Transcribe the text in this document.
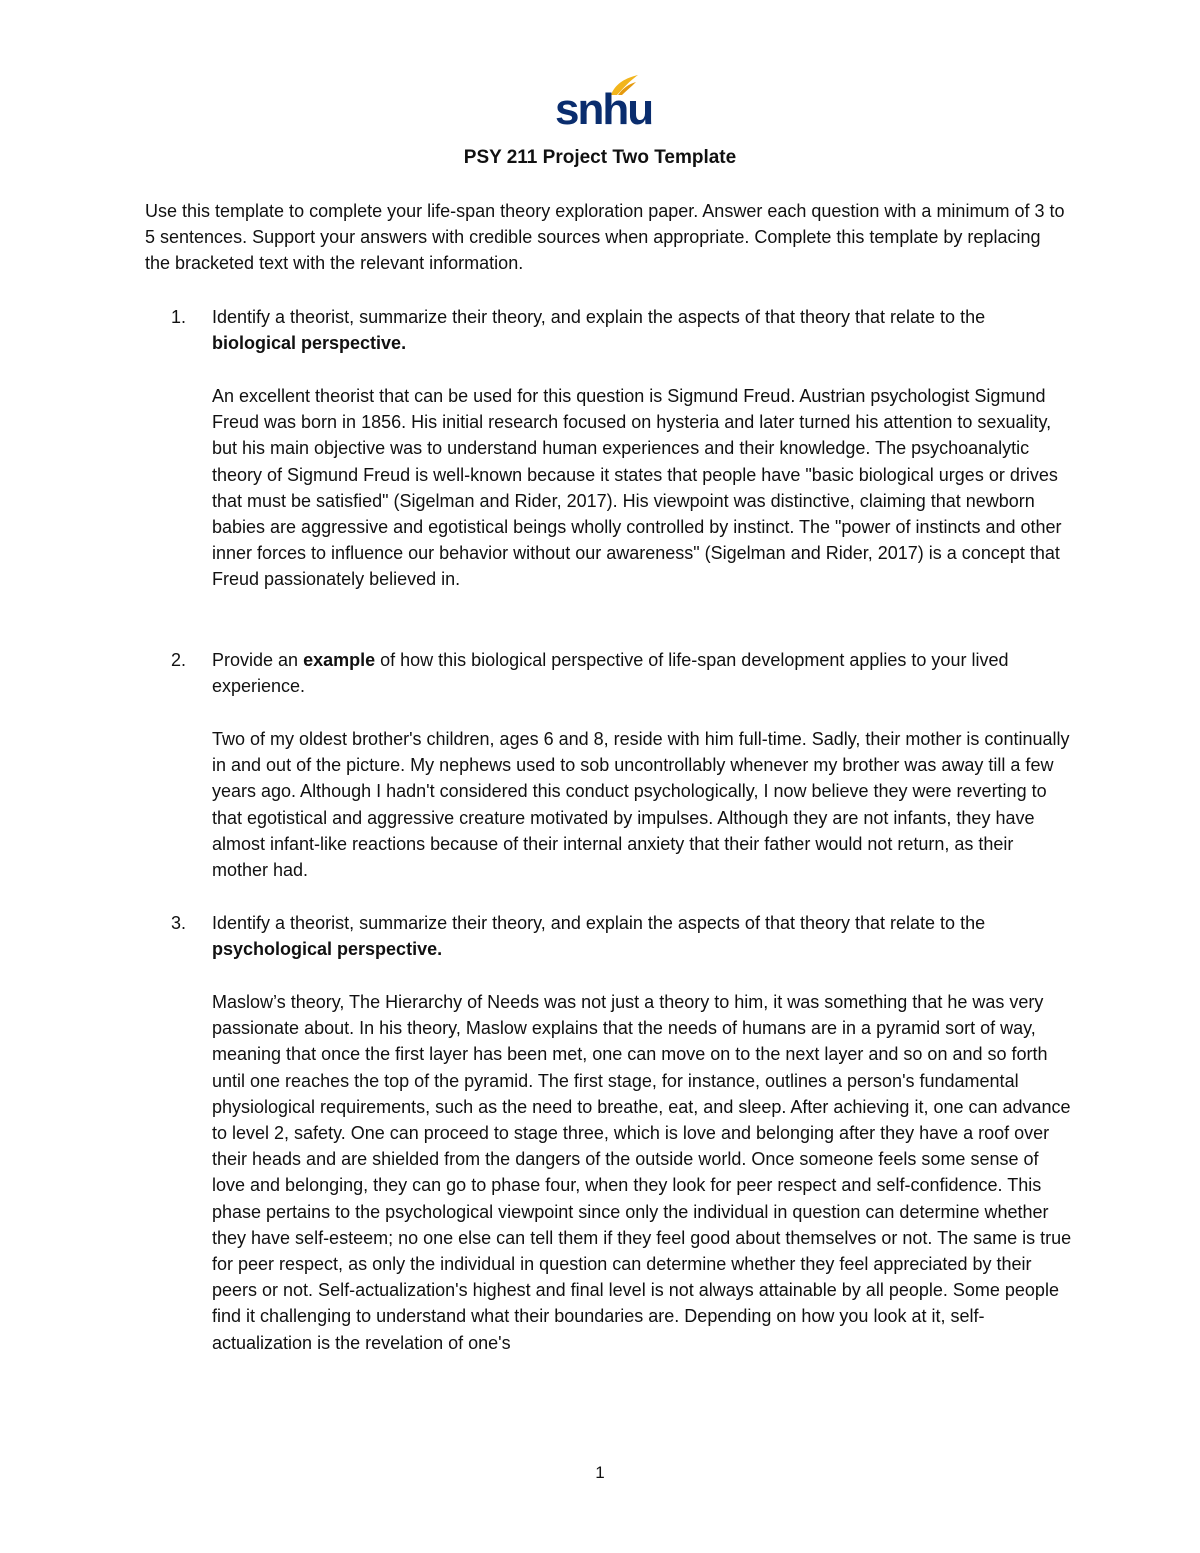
snhu
PSY 211 Project Two Template
Use this template to complete your life-span theory exploration paper. Answer each question with a minimum of 3 to 5 sentences. Support your answers with credible sources when appropriate. Complete this template by replacing the bracketed text with the relevant information.
1. Identify a theorist, summarize their theory, and explain the aspects of that theory that relate to the biological perspective.
An excellent theorist that can be used for this question is Sigmund Freud. Austrian psychologist Sigmund Freud was born in 1856. His initial research focused on hysteria and later turned his attention to sexuality, but his main objective was to understand human experiences and their knowledge. The psychoanalytic theory of Sigmund Freud is well-known because it states that people have "basic biological urges or drives that must be satisfied" (Sigelman and Rider, 2017). His viewpoint was distinctive, claiming that newborn babies are aggressive and egotistical beings wholly controlled by instinct. The "power of instincts and other inner forces to influence our behavior without our awareness" (Sigelman and Rider, 2017) is a concept that Freud passionately believed in.
2. Provide an example of how this biological perspective of life-span development applies to your lived experience.
Two of my oldest brother's children, ages 6 and 8, reside with him full-time. Sadly, their mother is continually in and out of the picture. My nephews used to sob uncontrollably whenever my brother was away till a few years ago. Although I hadn't considered this conduct psychologically, I now believe they were reverting to that egotistical and aggressive creature motivated by impulses. Although they are not infants, they have almost infant-like reactions because of their internal anxiety that their father would not return, as their mother had.
3. Identify a theorist, summarize their theory, and explain the aspects of that theory that relate to the psychological perspective.
Maslow’s theory, The Hierarchy of Needs was not just a theory to him, it was something that he was very passionate about. In his theory, Maslow explains that the needs of humans are in a pyramid sort of way, meaning that once the first layer has been met, one can move on to the next layer and so on and so forth until one reaches the top of the pyramid. The first stage, for instance, outlines a person's fundamental physiological requirements, such as the need to breathe, eat, and sleep. After achieving it, one can advance to level 2, safety. One can proceed to stage three, which is love and belonging after they have a roof over their heads and are shielded from the dangers of the outside world. Once someone feels some sense of love and belonging, they can go to phase four, when they look for peer respect and self-confidence. This phase pertains to the psychological viewpoint since only the individual in question can determine whether they have self-esteem; no one else can tell them if they feel good about themselves or not. The same is true for peer respect, as only the individual in question can determine whether they feel appreciated by their peers or not. Self-actualization's highest and final level is not always attainable by all people. Some people find it challenging to understand what their boundaries are. Depending on how you look at it, self-actualization is the revelation of one's
1
